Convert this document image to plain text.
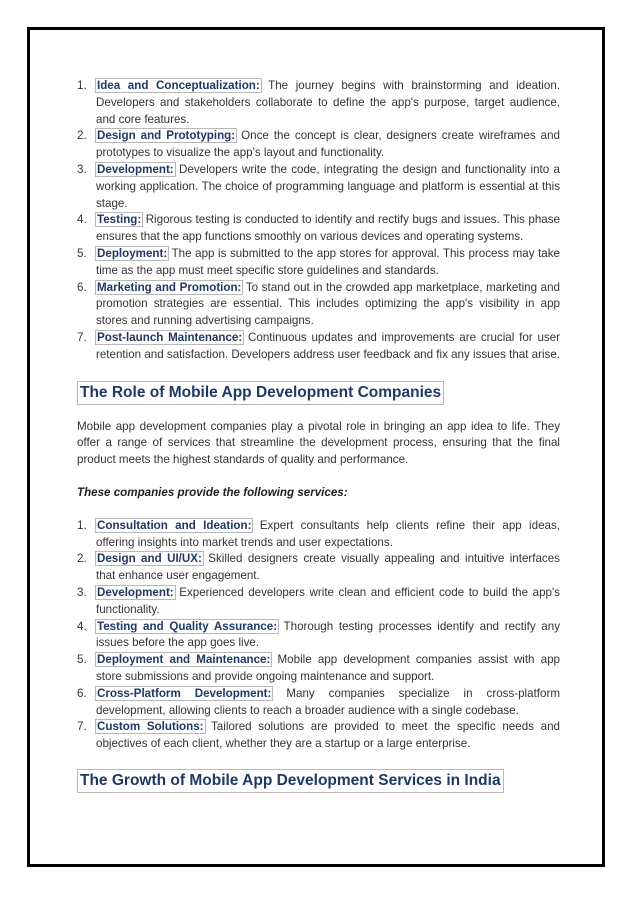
1. Idea and Conceptualization: The journey begins with brainstorming and ideation. Developers and stakeholders collaborate to define the app's purpose, target audience, and core features.
2. Design and Prototyping: Once the concept is clear, designers create wireframes and prototypes to visualize the app's layout and functionality.
3. Development: Developers write the code, integrating the design and functionality into a working application. The choice of programming language and platform is essential at this stage.
4. Testing: Rigorous testing is conducted to identify and rectify bugs and issues. This phase ensures that the app functions smoothly on various devices and operating systems.
5. Deployment: The app is submitted to the app stores for approval. This process may take time as the app must meet specific store guidelines and standards.
6. Marketing and Promotion: To stand out in the crowded app marketplace, marketing and promotion strategies are essential. This includes optimizing the app's visibility in app stores and running advertising campaigns.
7. Post-launch Maintenance: Continuous updates and improvements are crucial for user retention and satisfaction. Developers address user feedback and fix any issues that arise.
The Role of Mobile App Development Companies

Mobile app development companies play a pivotal role in bringing an app idea to life. They offer a range of services that streamline the development process, ensuring that the final product meets the highest standards of quality and performance.

These companies provide the following services:

1. Consultation and Ideation: Expert consultants help clients refine their app ideas, offering insights into market trends and user expectations.
2. Design and UI/UX: Skilled designers create visually appealing and intuitive interfaces that enhance user engagement.
3. Development: Experienced developers write clean and efficient code to build the app's functionality.
4. Testing and Quality Assurance: Thorough testing processes identify and rectify any issues before the app goes live.
5. Deployment and Maintenance: Mobile app development companies assist with app store submissions and provide ongoing maintenance and support.
6. Cross-Platform Development: Many companies specialize in cross-platform development, allowing clients to reach a broader audience with a single codebase.
7. Custom Solutions: Tailored solutions are provided to meet the specific needs and objectives of each client, whether they are a startup or a large enterprise.
The Growth of Mobile App Development Services in India
